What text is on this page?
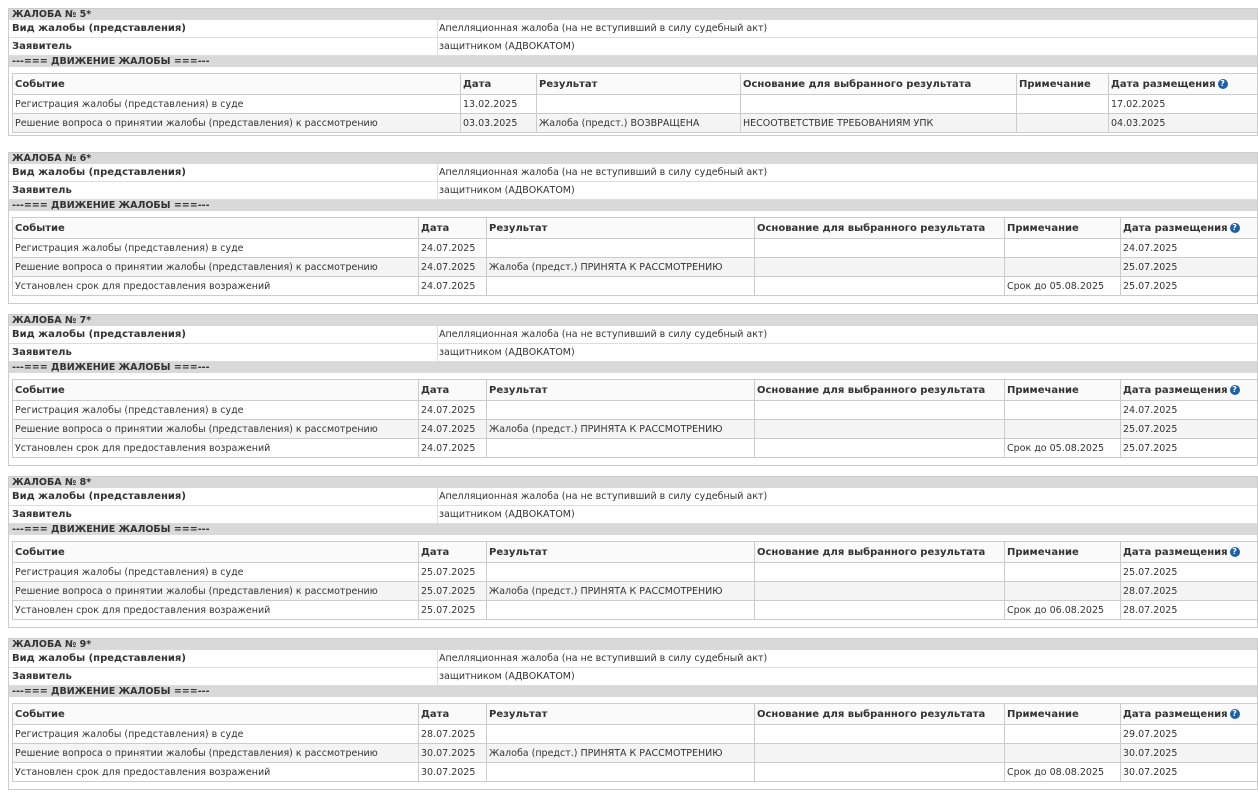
ЖАЛОБА № 5*
Вид жалобы (представления)	Апелляционная жалоба (на не вступивший в силу судебный акт)
Заявитель	защитником (АДВОКАТОМ)
---=== ДВИЖЕНИЕ ЖАЛОБЫ ===---
Событие	Дата	Результат	Основание для выбранного результата	Примечание	Дата размещения ?
Регистрация жалобы (представления) в суде	13.02.2025				17.02.2025
Решение вопроса о принятии жалобы (представления) к рассмотрению	03.03.2025	Жалоба (предст.) ВОЗВРАЩЕНА	НЕСООТВЕТСТВИЕ ТРЕБОВАНИЯМ УПК		04.03.2025
ЖАЛОБА № 6*
Вид жалобы (представления)	Апелляционная жалоба (на не вступивший в силу судебный акт)
Заявитель	защитником (АДВОКАТОМ)
---=== ДВИЖЕНИЕ ЖАЛОБЫ ===---
Событие	Дата	Результат	Основание для выбранного результата	Примечание	Дата размещения ?
Регистрация жалобы (представления) в суде	24.07.2025				24.07.2025
Решение вопроса о принятии жалобы (представления) к рассмотрению	24.07.2025	Жалоба (предст.) ПРИНЯТА К РАССМОТРЕНИЮ			25.07.2025
Установлен срок для предоставления возражений	24.07.2025			Срок до 05.08.2025	25.07.2025
ЖАЛОБА № 7*
Вид жалобы (представления)	Апелляционная жалоба (на не вступивший в силу судебный акт)
Заявитель	защитником (АДВОКАТОМ)
---=== ДВИЖЕНИЕ ЖАЛОБЫ ===---
Событие	Дата	Результат	Основание для выбранного результата	Примечание	Дата размещения ?
Регистрация жалобы (представления) в суде	24.07.2025				24.07.2025
Решение вопроса о принятии жалобы (представления) к рассмотрению	24.07.2025	Жалоба (предст.) ПРИНЯТА К РАССМОТРЕНИЮ			25.07.2025
Установлен срок для предоставления возражений	24.07.2025			Срок до 05.08.2025	25.07.2025
ЖАЛОБА № 8*
Вид жалобы (представления)	Апелляционная жалоба (на не вступивший в силу судебный акт)
Заявитель	защитником (АДВОКАТОМ)
---=== ДВИЖЕНИЕ ЖАЛОБЫ ===---
Событие	Дата	Результат	Основание для выбранного результата	Примечание	Дата размещения ?
Регистрация жалобы (представления) в суде	25.07.2025				25.07.2025
Решение вопроса о принятии жалобы (представления) к рассмотрению	25.07.2025	Жалоба (предст.) ПРИНЯТА К РАССМОТРЕНИЮ			28.07.2025
Установлен срок для предоставления возражений	25.07.2025			Срок до 06.08.2025	28.07.2025
ЖАЛОБА № 9*
Вид жалобы (представления)	Апелляционная жалоба (на не вступивший в силу судебный акт)
Заявитель	защитником (АДВОКАТОМ)
---=== ДВИЖЕНИЕ ЖАЛОБЫ ===---
Событие	Дата	Результат	Основание для выбранного результата	Примечание	Дата размещения ?
Регистрация жалобы (представления) в суде	28.07.2025				29.07.2025
Решение вопроса о принятии жалобы (представления) к рассмотрению	30.07.2025	Жалоба (предст.) ПРИНЯТА К РАССМОТРЕНИЮ			30.07.2025
Установлен срок для предоставления возражений	30.07.2025			Срок до 08.08.2025	30.07.2025
